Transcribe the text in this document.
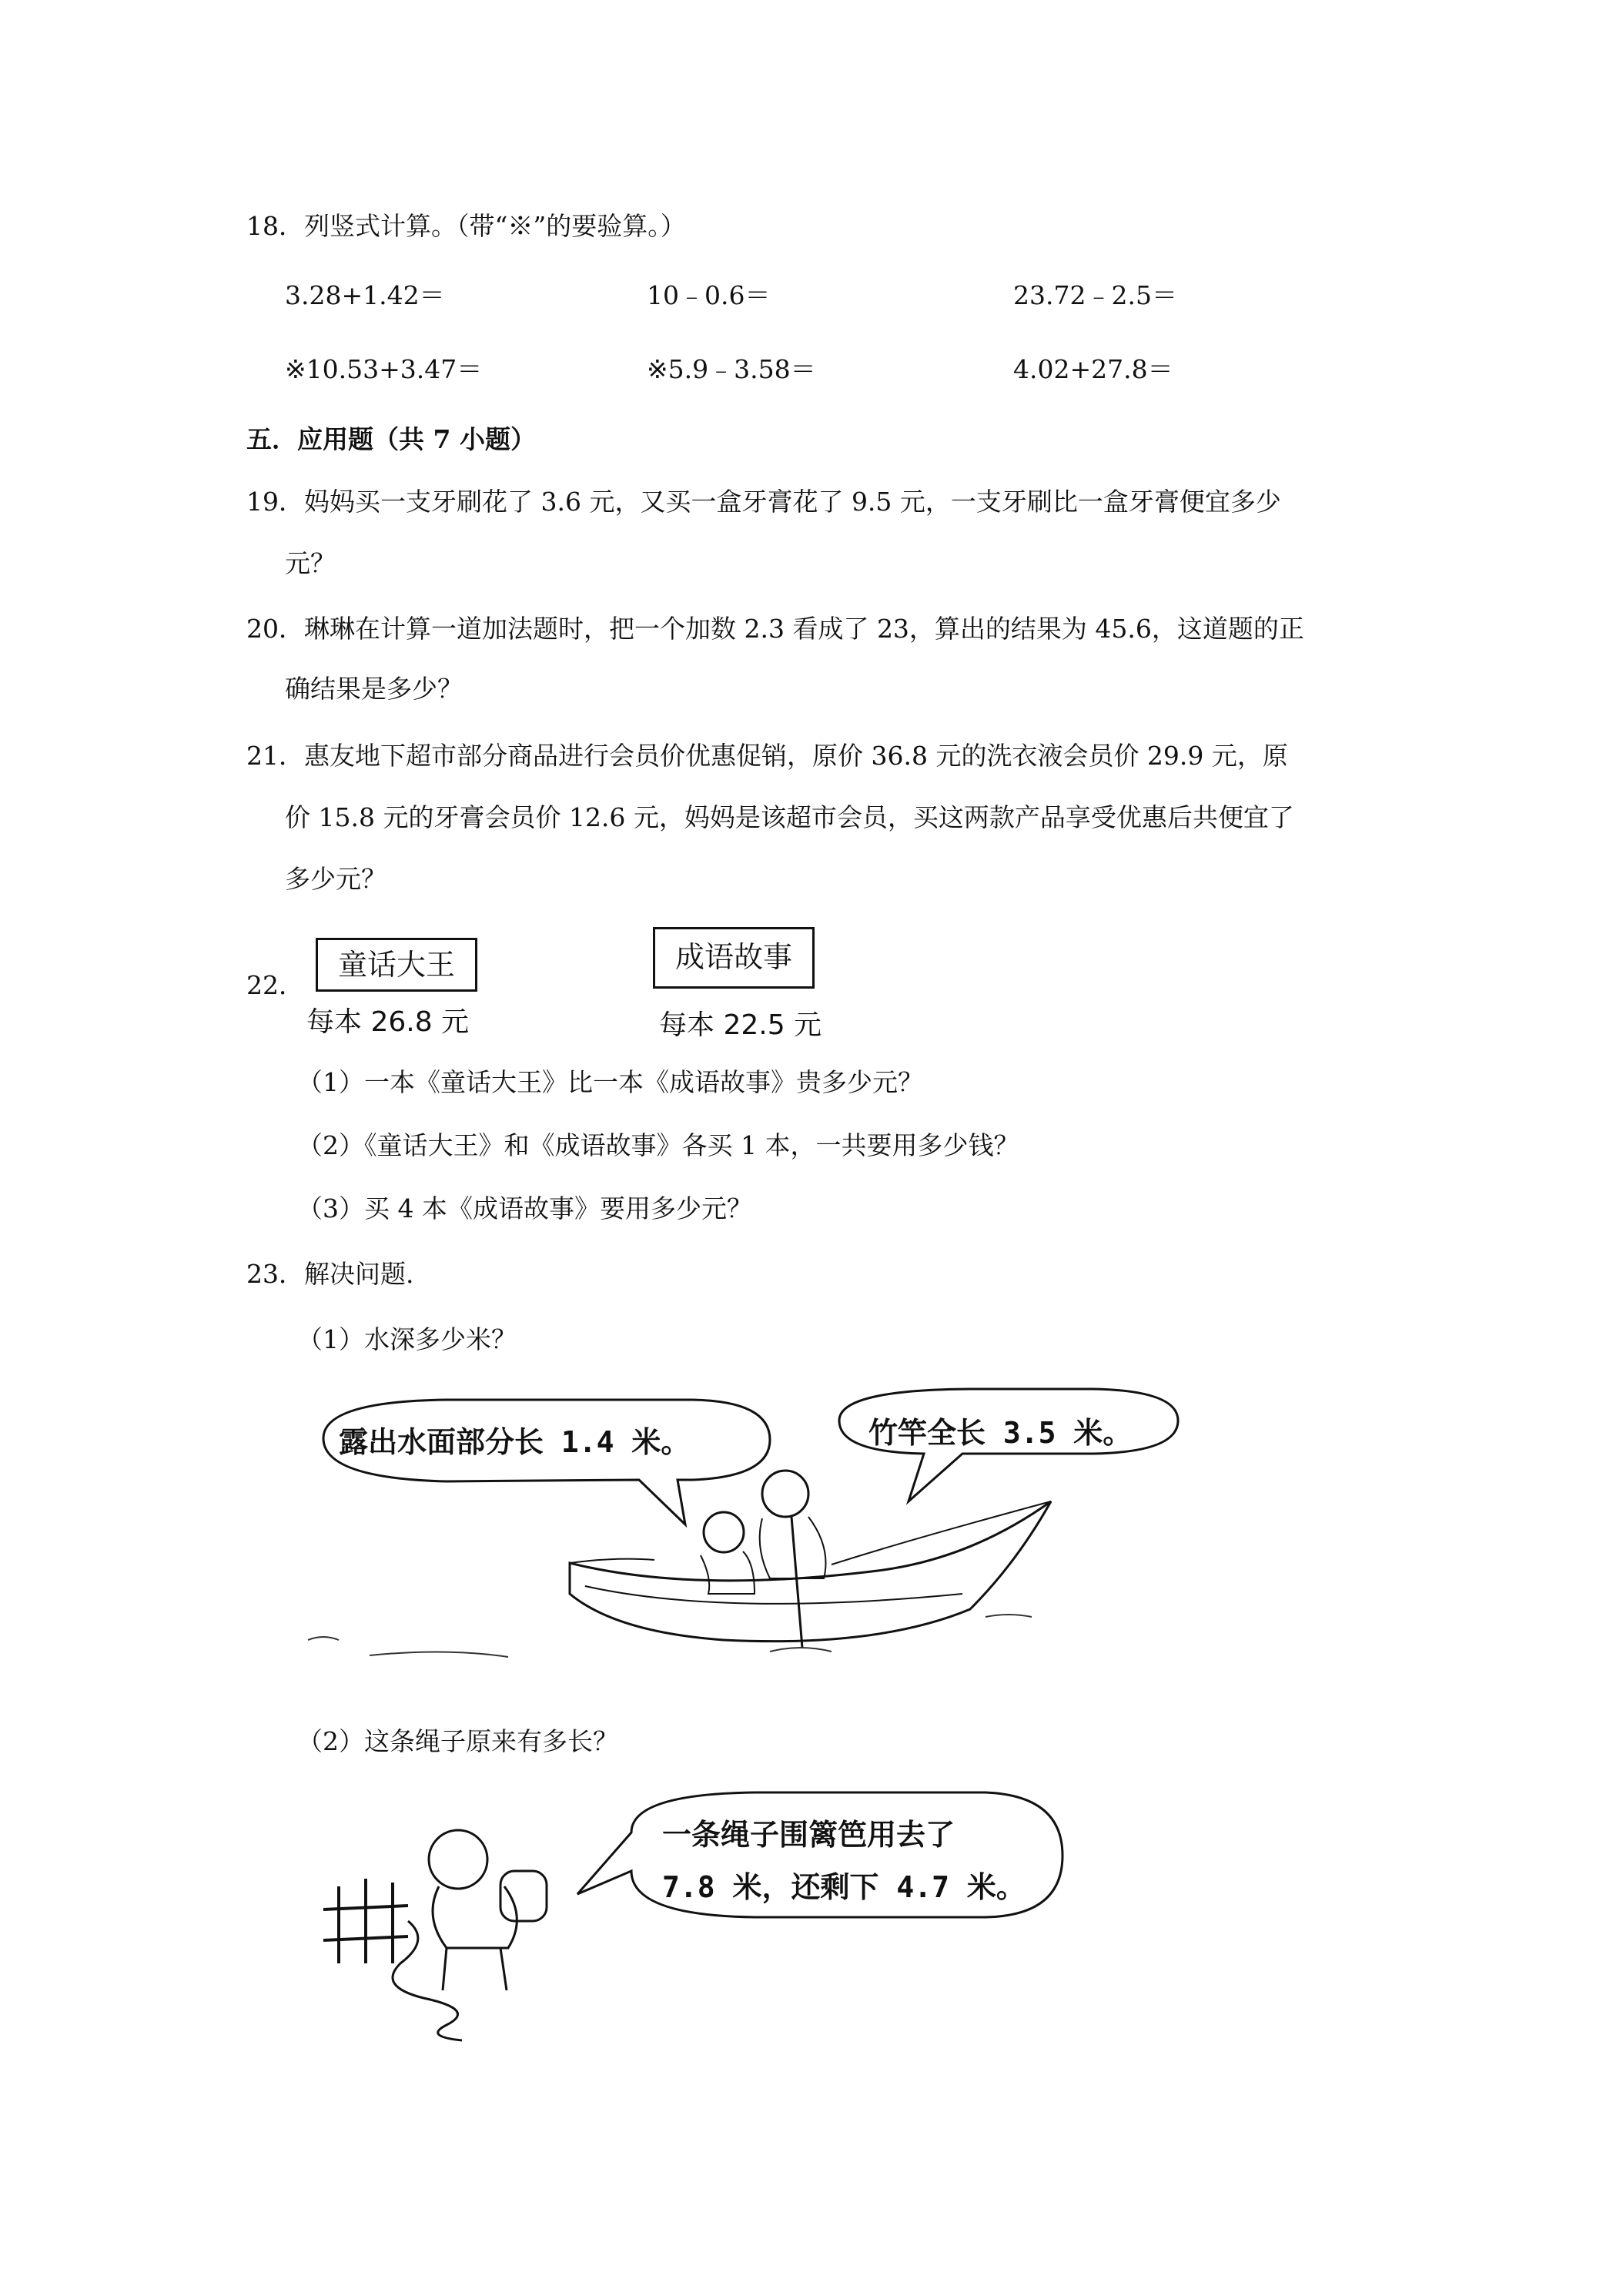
18．列竖式计算。（带“※”的要验算。）
3.28+1.42＝	10﹣0.6＝	23.72﹣2.5＝
※10.53+3.47＝	※5.9﹣3.58＝	4.02+27.8＝
五．应用题（共 7 小题）
19．妈妈买一支牙刷花了 3.6 元，又买一盒牙膏花了 9.5 元，一支牙刷比一盒牙膏便宜多少
元？
20．琳琳在计算一道加法题时，把一个加数 2.3 看成了 23，算出的结果为 45.6，这道题的正
确结果是多少？
21．惠友地下超市部分商品进行会员价优惠促销，原价 36.8 元的洗衣液会员价 29.9 元，原
价 15.8 元的牙膏会员价 12.6 元，妈妈是该超市会员，买这两款产品享受优惠后共便宜了
多少元？
22．
童话大王
每本 26.8 元
成语故事
每本 22.5 元
（1）一本《童话大王》比一本《成语故事》贵多少元？
（2）《童话大王》和《成语故事》各买 1 本，一共要用多少钱？
（3）买 4 本《成语故事》要用多少元？
23．解决问题.
（1）水深多少米？
露出水面部分长 1.4 米。	竹竿全长 3.5 米。
（2）这条绳子原来有多长？
一条绳子围篱笆用去了
7.8 米，还剩下 4.7 米。
